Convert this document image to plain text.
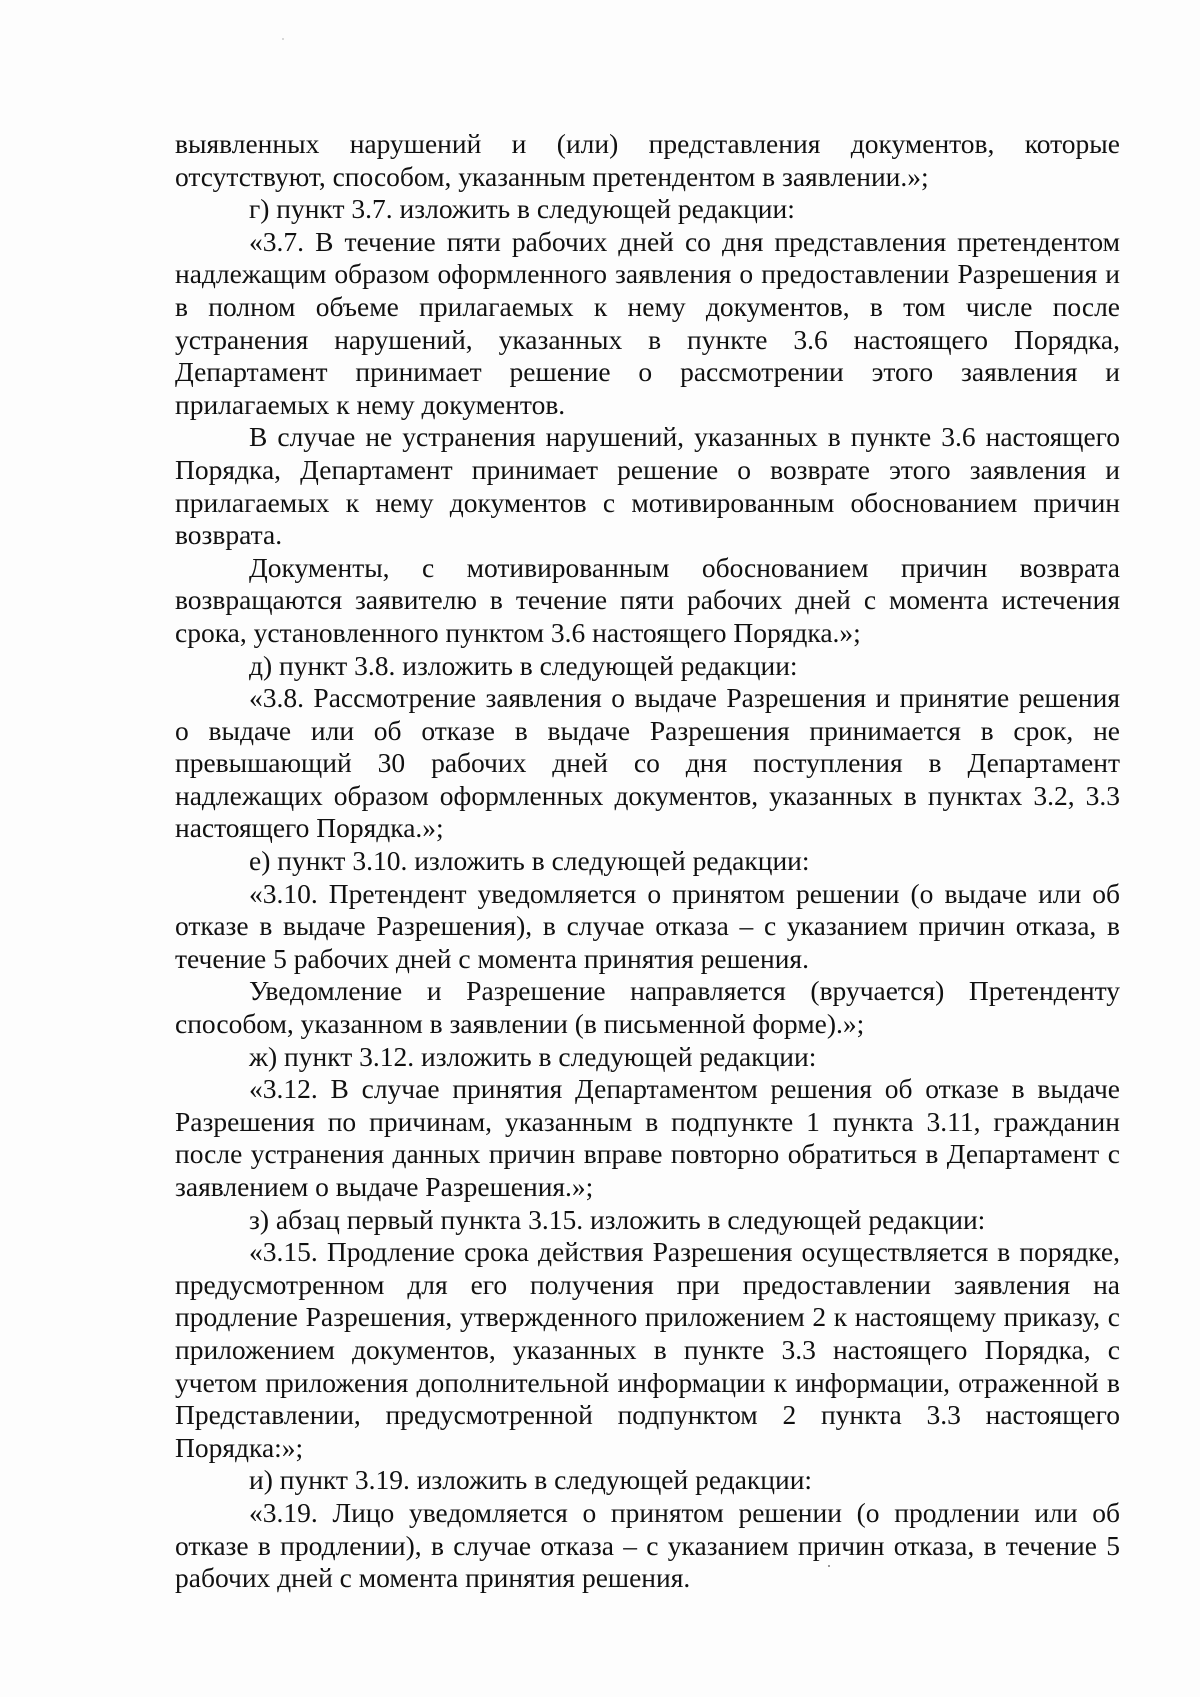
выявленных нарушений и (или) представления документов, которые отсутствуют, способом, указанным претендентом в заявлении.»;

г) пункт 3.7. изложить в следующей редакции:

«3.7. В течение пяти рабочих дней со дня представления претендентом надлежащим образом оформленного заявления о предоставлении Разрешения и в полном объеме прилагаемых к нему документов, в том числе после устранения нарушений, указанных в пункте 3.6 настоящего Порядка, Департамент принимает решение о рассмотрении этого заявления и прилагаемых к нему документов.

В случае не устранения нарушений, указанных в пункте 3.6 настоящего Порядка, Департамент принимает решение о возврате этого заявления и прилагаемых к нему документов с мотивированным обоснованием причин возврата.

Документы, с мотивированным обоснованием причин возврата возвращаются заявителю в течение пяти рабочих дней с момента истечения срока, установленного пунктом 3.6 настоящего Порядка.»;

д) пункт 3.8. изложить в следующей редакции:

«3.8. Рассмотрение заявления о выдаче Разрешения и принятие решения о выдаче или об отказе в выдаче Разрешения принимается в срок, не превышающий 30 рабочих дней со дня поступления в Департамент надлежащих образом оформленных документов, указанных в пунктах 3.2, 3.3 настоящего Порядка.»;

е) пункт 3.10. изложить в следующей редакции:

«3.10. Претендент уведомляется о принятом решении (о выдаче или об отказе в выдаче Разрешения), в случае отказа – с указанием причин отказа, в течение 5 рабочих дней с момента принятия решения.

Уведомление и Разрешение направляется (вручается) Претенденту способом, указанном в заявлении (в письменной форме).»;

ж) пункт 3.12. изложить в следующей редакции:

«3.12. В случае принятия Департаментом решения об отказе в выдаче Разрешения по причинам, указанным в подпункте 1 пункта 3.11, гражданин после устранения данных причин вправе повторно обратиться в Департамент с заявлением о выдаче Разрешения.»;

з) абзац первый пункта 3.15. изложить в следующей редакции:

«3.15. Продление срока действия Разрешения осуществляется в порядке, предусмотренном для его получения при предоставлении заявления на продление Разрешения, утвержденного приложением 2 к настоящему приказу, с приложением документов, указанных в пункте 3.3 настоящего Порядка, с учетом приложения дополнительной информации к информации, отраженной в Представлении, предусмотренной подпунктом 2 пункта 3.3 настоящего Порядка:»;

и) пункт 3.19. изложить в следующей редакции:

«3.19. Лицо уведомляется о принятом решении (о продлении или об отказе в продлении), в случае отказа – с указанием причин отказа, в течение 5 рабочих дней с момента принятия решения.
